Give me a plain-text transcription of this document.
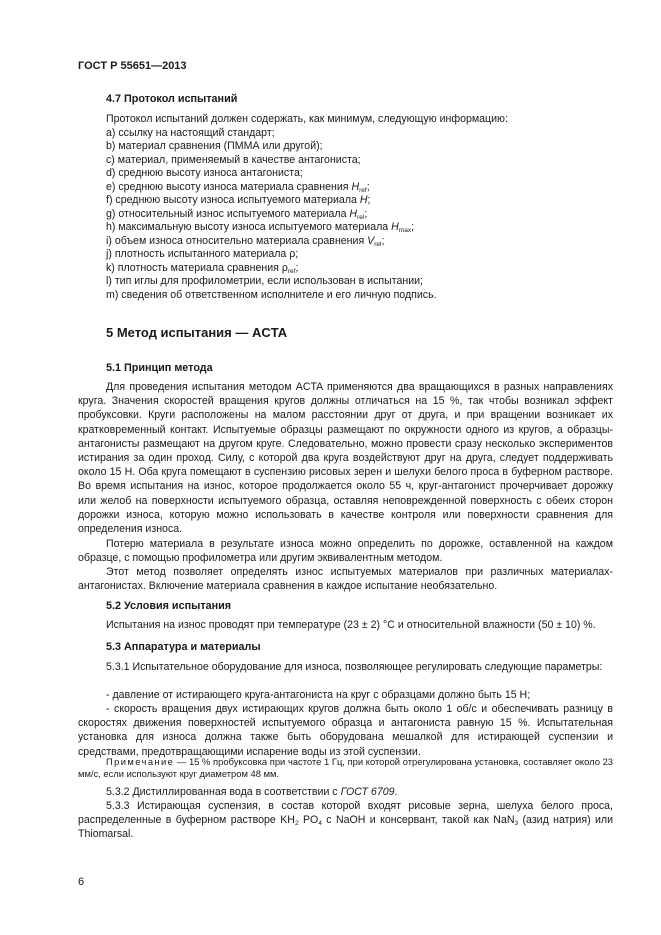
ГОСТ Р 55651—2013
4.7 Протокол испытаний
Протокол испытаний должен содержать, как минимум, следующую информацию:
a) ссылку на настоящий стандарт;
b) материал сравнения (ПММА или другой);
c) материал, применяемый в качестве антагониста;
d) среднюю высоту износа антагониста;
e) среднюю высоту износа материала сравнения $H_{ref}$;
f) среднюю высоту износа испытуемого материала H;
g) относительный износ испытуемого материала $H_{rel}$;
h) максимальную высоту износа испытуемого материала $H_{max}$;
i) объем износа относительно материала сравнения $V_{rel}$;
j) плотность испытанного материала ρ;
k) плотность материала сравнения $\rho_{ref}$;
l) тип иглы для профилометрии, если использован в испытании;
m) сведения об ответственном исполнителе и его личную подпись.
5 Метод испытания — ACTA
5.1 Принцип метода
Для проведения испытания методом ACTA применяются два вращающихся в разных направлениях круга. Значения скоростей вращения кругов должны отличаться на 15 %, так чтобы возникал эффект пробуксовки. Круги расположены на малом расстоянии друг от друга, и при вращении возникает их кратковременный контакт. Испытуемые образцы размещают по окружности одного из кругов, а образцы-антагонисты размещают на другом круге. Следовательно, можно провести сразу несколько экспериментов истирания за один проход. Силу, с которой два круга воздействуют друг на друга, следует поддерживать около 15 Н. Оба круга помещают в суспензию рисовых зерен и шелухи белого проса в буферном растворе. Во время испытания на износ, которое продолжается около 55 ч, круг-антагонист прочерчивает дорожку или желоб на поверхности испытуемого образца, оставляя неповрежденной поверхность с обеих сторон дорожки износа, которую можно использовать в качестве контроля или поверхности сравнения для определения износа.
Потерю материала в результате износа можно определить по дорожке, оставленной на каждом образце, с помощью профилометра или другим эквивалентным методом.
Этот метод позволяет определять износ испытуемых материалов при различных материалах-антагонистах. Включение материала сравнения в каждое испытание необязательно.
5.2 Условия испытания
Испытания на износ проводят при температуре (23 ± 2) °С и относительной влажности (50 ± 10) %.
5.3 Аппаратура и материалы
5.3.1 Испытательное оборудование для износа, позволяющее регулировать следующие параметры:
- давление от истирающего круга-антагониста на круг с образцами должно быть 15 Н;
- скорость вращения двух истирающих кругов должна быть около 1 об/с и обеспечивать разницу в скоростях движения поверхностей испытуемого образца и антагониста равную 15 %. Испытательная установка для износа должна также быть оборудована мешалкой для истирающей суспензии и средствами, предотвращающими испарение воды из этой суспензии.
Примечание — 15 % пробуксовка при частоте 1 Гц, при которой отрегулирована установка, составляет около 23 мм/с, если используют круг диаметром 48 мм.
5.3.2 Дистиллированная вода в соответствии с ГОСТ 6709.
5.3.3 Истирающая суспензия, в состав которой входят рисовые зерна, шелуха белого проса, распределенные в буферном растворе $KH_2$ $PO_4$ с NaOH и консервант, такой как NaN$_3$ (азид натрия) или Thiomarsal.
6
